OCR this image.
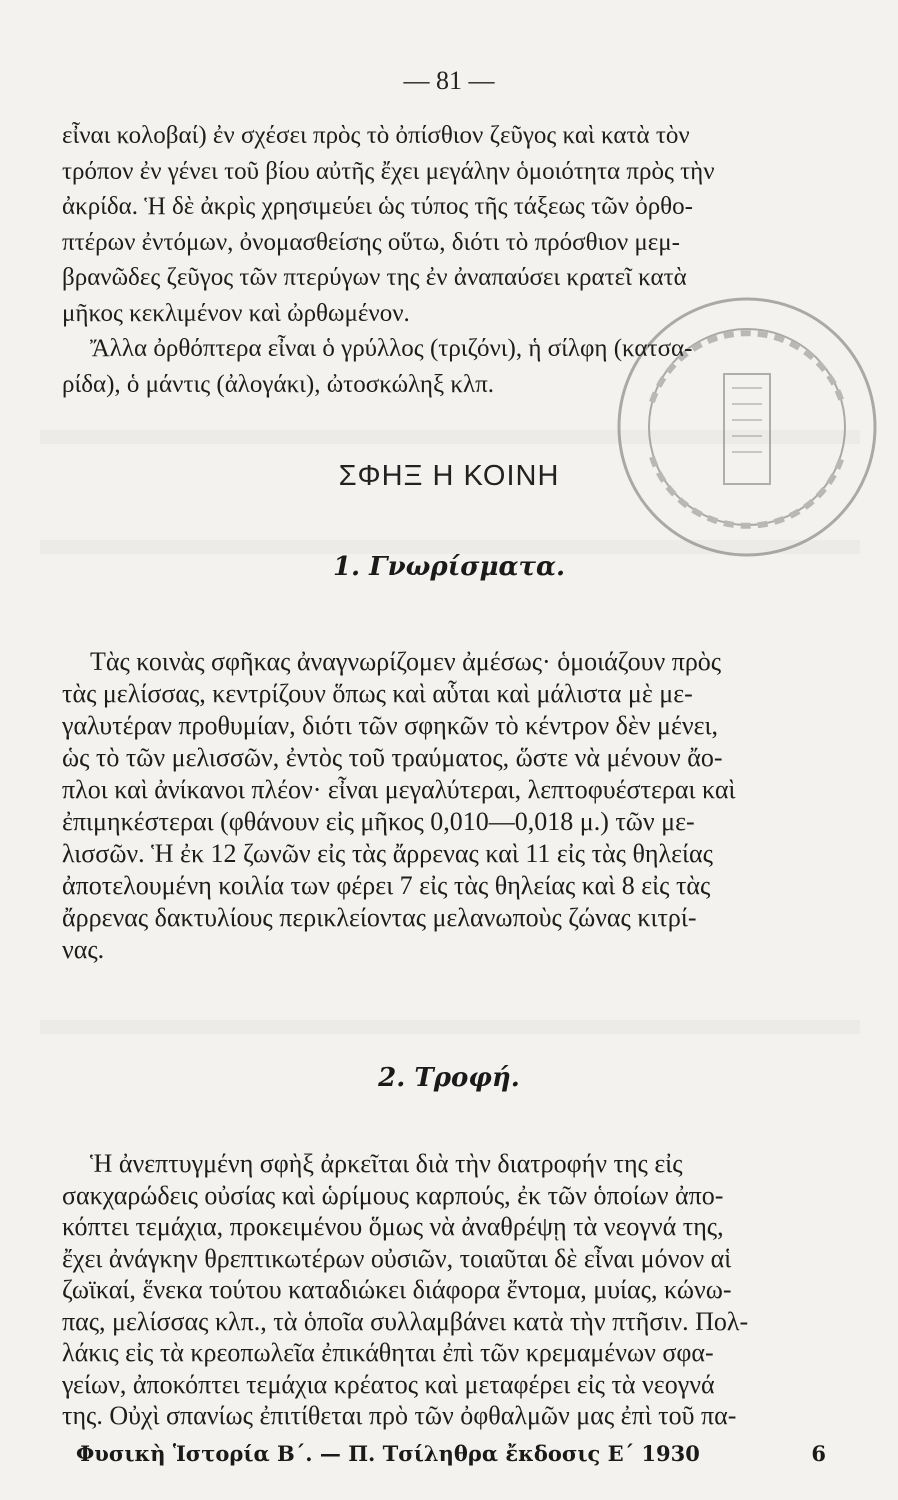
— 81 —
εἶναι κολοβαί) ἐν σχέσει πρὸς τὸ ὀπίσθιον ζεῦγος καὶ κατὰ τὸν
τρόπον ἐν γένει τοῦ βίου αὐτῆς ἔχει μεγάλην ὁμοιότητα πρὸς τὴν
ἀκρίδα. Ἡ δὲ ἀκρὶς χρησιμεύει ὡς τύπος τῆς τάξεως τῶν ὀρθο-
πτέρων ἐντόμων, ὀνομασθείσης οὕτω, διότι τὸ πρόσθιον μεμ-
βρανῶδες ζεῦγος τῶν πτερύγων της ἐν ἀναπαύσει κρατεῖ κατὰ
μῆκος κεκλιμένον καὶ ὠρθωμένον.
Ἄλλα ὀρθόπτερα εἶναι ὁ γρύλλος (τριζόνι), ἡ σίλφη (κατσα-
ρίδα), ὁ μάντις (ἀλογάκι), ὠτοσκώληξ κλπ.
ΣΦΗΞ Η ΚΟΙΝΗ
1. Γνωρίσματα.
Τὰς κοινὰς σφῆκας ἀναγνωρίζομεν ἀμέσως· ὁμοιάζουν πρὸς
τὰς μελίσσας, κεντρίζουν ὅπως καὶ αὗται καὶ μάλιστα μὲ με-
γαλυτέραν προθυμίαν, διότι τῶν σφηκῶν τὸ κέντρον δὲν μένει,
ὡς τὸ τῶν μελισσῶν, ἐντὸς τοῦ τραύματος, ὥστε νὰ μένουν ἄο-
πλοι καὶ ἀνίκανοι πλέον· εἶναι μεγαλύτεραι, λεπτοφυέστεραι καὶ
ἐπιμηκέστεραι (φθάνουν εἰς μῆκος 0,010—0,018 μ.) τῶν με-
λισσῶν. Ἡ ἐκ 12 ζωνῶν εἰς τὰς ἄρρενας καὶ 11 εἰς τὰς θηλείας
ἀποτελουμένη κοιλία των φέρει 7 εἰς τὰς θηλείας καὶ 8 εἰς τὰς
ἄρρενας δακτυλίους περικλείοντας μελανωποὺς ζώνας κιτρί-
νας.
2. Τροφή.
Ἡ ἀνεπτυγμένη σφὴξ ἀρκεῖται διὰ τὴν διατροφήν της εἰς
σακχαρώδεις οὐσίας καὶ ὡρίμους καρπούς, ἐκ τῶν ὁποίων ἀπο-
κόπτει τεμάχια, προκειμένου ὅμως νὰ ἀναθρέψῃ τὰ νεογνά της,
ἔχει ἀνάγκην θρεπτικωτέρων οὐσιῶν, τοιαῦται δὲ εἶναι μόνον αἱ
ζωϊκαί, ἕνεκα τούτου καταδιώκει διάφορα ἔντομα, μυίας, κώνω-
πας, μελίσσας κλπ., τὰ ὁποῖα συλλαμβάνει κατὰ τὴν πτῆσιν. Πολ-
λάκις εἰς τὰ κρεοπωλεῖα ἐπικάθηται ἐπὶ τῶν κρεμαμένων σφα-
γείων, ἀποκόπτει τεμάχια κρέατος καὶ μεταφέρει εἰς τὰ νεογνά
της. Οὐχὶ σπανίως ἐπιτίθεται πρὸ τῶν ὀφθαλμῶν μας ἐπὶ τοῦ πα-
Φυσικὴ Ἱστορία Β΄. — Π. Τσίληθρα ἔκδοσις Ε΄ 1930	6
